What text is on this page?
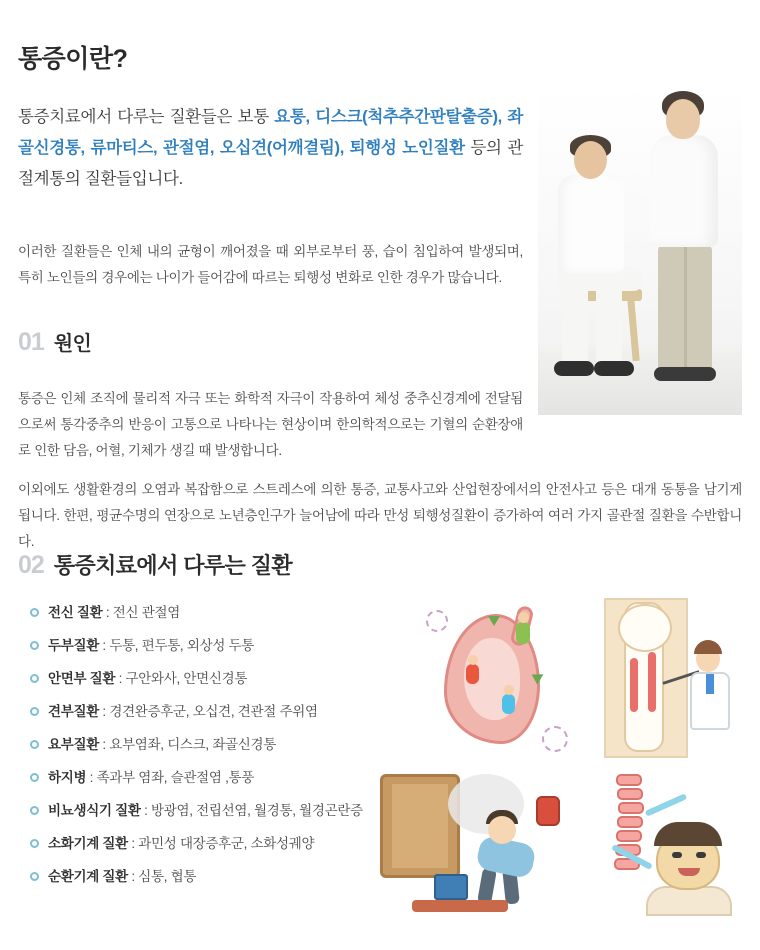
통증이란?

통증치료에서 다루는 질환들은 보통 요통, 디스크(척추추간판탈출증), 좌골신경통, 류마티스, 관절염, 오십견(어깨결림), 퇴행성 노인질환 등의 관절계통의 질환들입니다.

이러한 질환들은 인체 내의 균형이 깨어졌을 때 외부로부터 풍, 습이 침입하여 발생되며, 특히 노인들의 경우에는 나이가 들어감에 따르는 퇴행성 변화로 인한 경우가 많습니다.

01 원인

통증은 인체 조직에 물리적 자극 또는 화학적 자극이 작용하여 체성 중추신경계에 전달됨으로써 통각중추의 반응이 고통으로 나타나는 현상이며 한의학적으로는 기혈의 순환장애로 인한 담음, 어혈, 기체가 생길 때 발생합니다.

이외에도 생활환경의 오염과 복잡함으로 스트레스에 의한 통증, 교통사고와 산업현장에서의 안전사고 등은 대개 동통을 남기게 됩니다. 한편, 평균수명의 연장으로 노년층인구가 늘어남에 따라 만성 퇴행성질환이 증가하여 여러 가지 골관절 질환을 수반합니다.

02 통증치료에서 다루는 질환
전신 질환 : 전신 관절염
두부질환 : 두통, 편두통, 외상성 두통
안면부 질환 : 구안와사, 안면신경통
견부질환 : 경견완증후군, 오십견, 견관절 주위염
요부질환 : 요부염좌, 디스크, 좌골신경통
하지병 : 족과부 염좌, 슬관절염 ,통풍
비뇨생식기 질환 : 방광염, 전립선염, 월경통, 월경곤란증
소화기계 질환 : 과민성 대장증후군, 소화성궤양
순환기계 질환 : 심통, 협통
